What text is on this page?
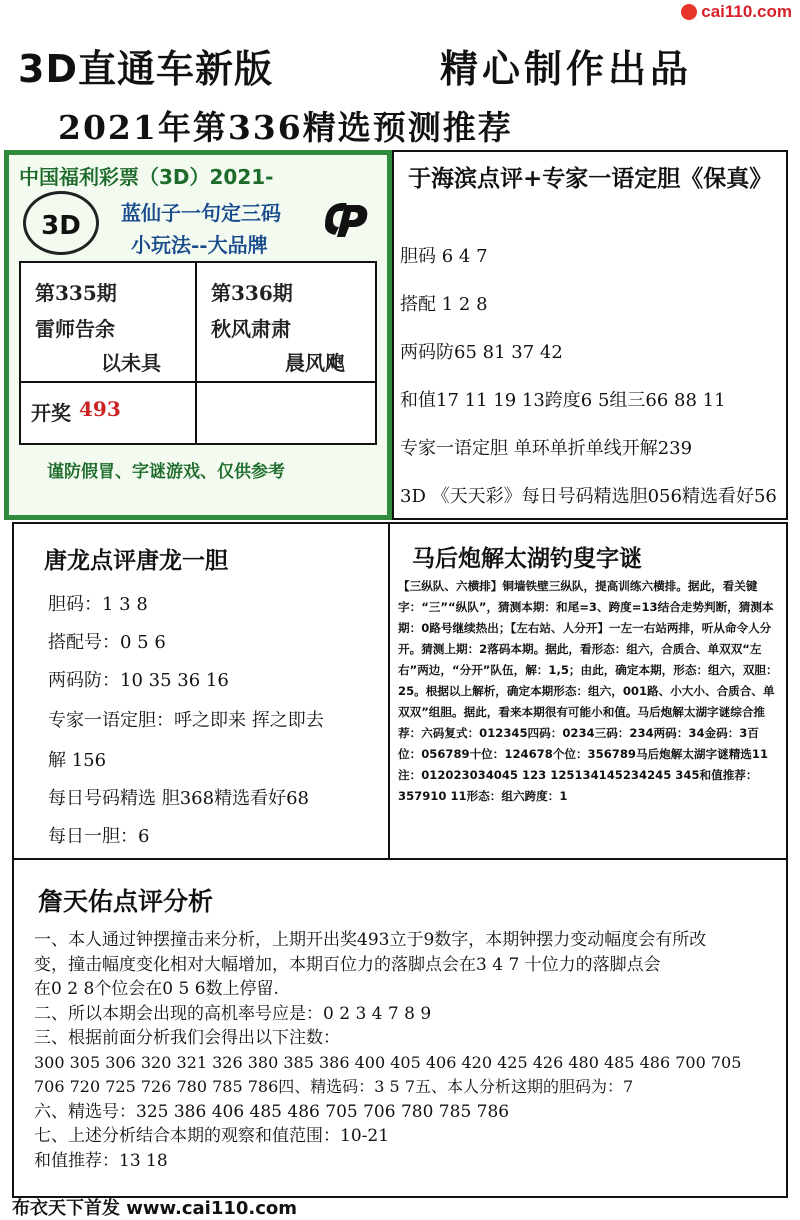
cai110.com
3D直通车新版	精心制作出品
2021年第336精选预测推荐
中国福利彩票（3D）2021-
3D	蓝仙子一句定三码
小玩法--大品牌
第335期
雷师告余
以未具
第336期
秋风肃肃
晨风飑
开奖 493
谨防假冒、字谜游戏、仅供参考
于海滨点评+专家一语定胆《保真》
胆码 6 4 7
搭配 1 2 8
两码防65 81 37 42
和值17 11 19 13跨度6 5组三66 88 11
专家一语定胆 单环单折单线开解239
3D 《天天彩》每日号码精选胆056精选看好56
唐龙点评唐龙一胆
胆码：1 3 8
搭配号：0 5 6
两码防：10 35 36 16
专家一语定胆：呼之即来 挥之即去
解 156
每日号码精选 胆368精选看好68
每日一胆：6
马后炮解太湖钓叟字谜
【三纵队、六横排】铜墙铁壁三纵队，提高训练六横排。据此，看关键字：“三”“纵队”，猜测本期：和尾=3、跨度=13结合走势判断，猜测本期：0路号继续热出；【左右站、人分开】一左一右站两排，听从命令人分开。猜测上期：2落码本期。据此，看形态：组六，合质合、单双双“左右”两边，“分开”队伍，解：1,5；由此，确定本期，形态：组六，双胆：25。根据以上解析，确定本期形态：组六，001路、小大小、合质合、单双双”组胆。据此，看来本期很有可能小和值。马后炮解太湖字谜综合推荐：六码复式：012345四码：0234三码：234两码：34金码：3百位：056789十位：124678个位：356789马后炮解太湖字谜精选11注：012023034045 123 125134145234245 345和值推荐：357910 11形态：组六跨度：1
詹天佑点评分析
一、本人通过钟摆撞击来分析，上期开出奖493立于9数字，本期钟摆力变动幅度会有所改
变，撞击幅度变化相对大幅增加，本期百位力的落脚点会在3 4 7 十位力的落脚点会
在0 2 8个位会在0 5 6数上停留.
二、所以本期会出现的高机率号应是：0 2 3 4 7 8 9
三、根据前面分析我们会得出以下注数：
300 305 306 320 321 326 380 385 386 400 405 406 420 425 426 480 485 486 700 705
706 720 725 726 780 785 786四、精选码：3 5 7五、本人分析这期的胆码为：7
六、精选号：325 386 406 485 486 705 706 780 785 786
七、上述分析结合本期的观察和值范围：10-21
和值推荐：13 18
布衣天下首发 www.cai110.com
